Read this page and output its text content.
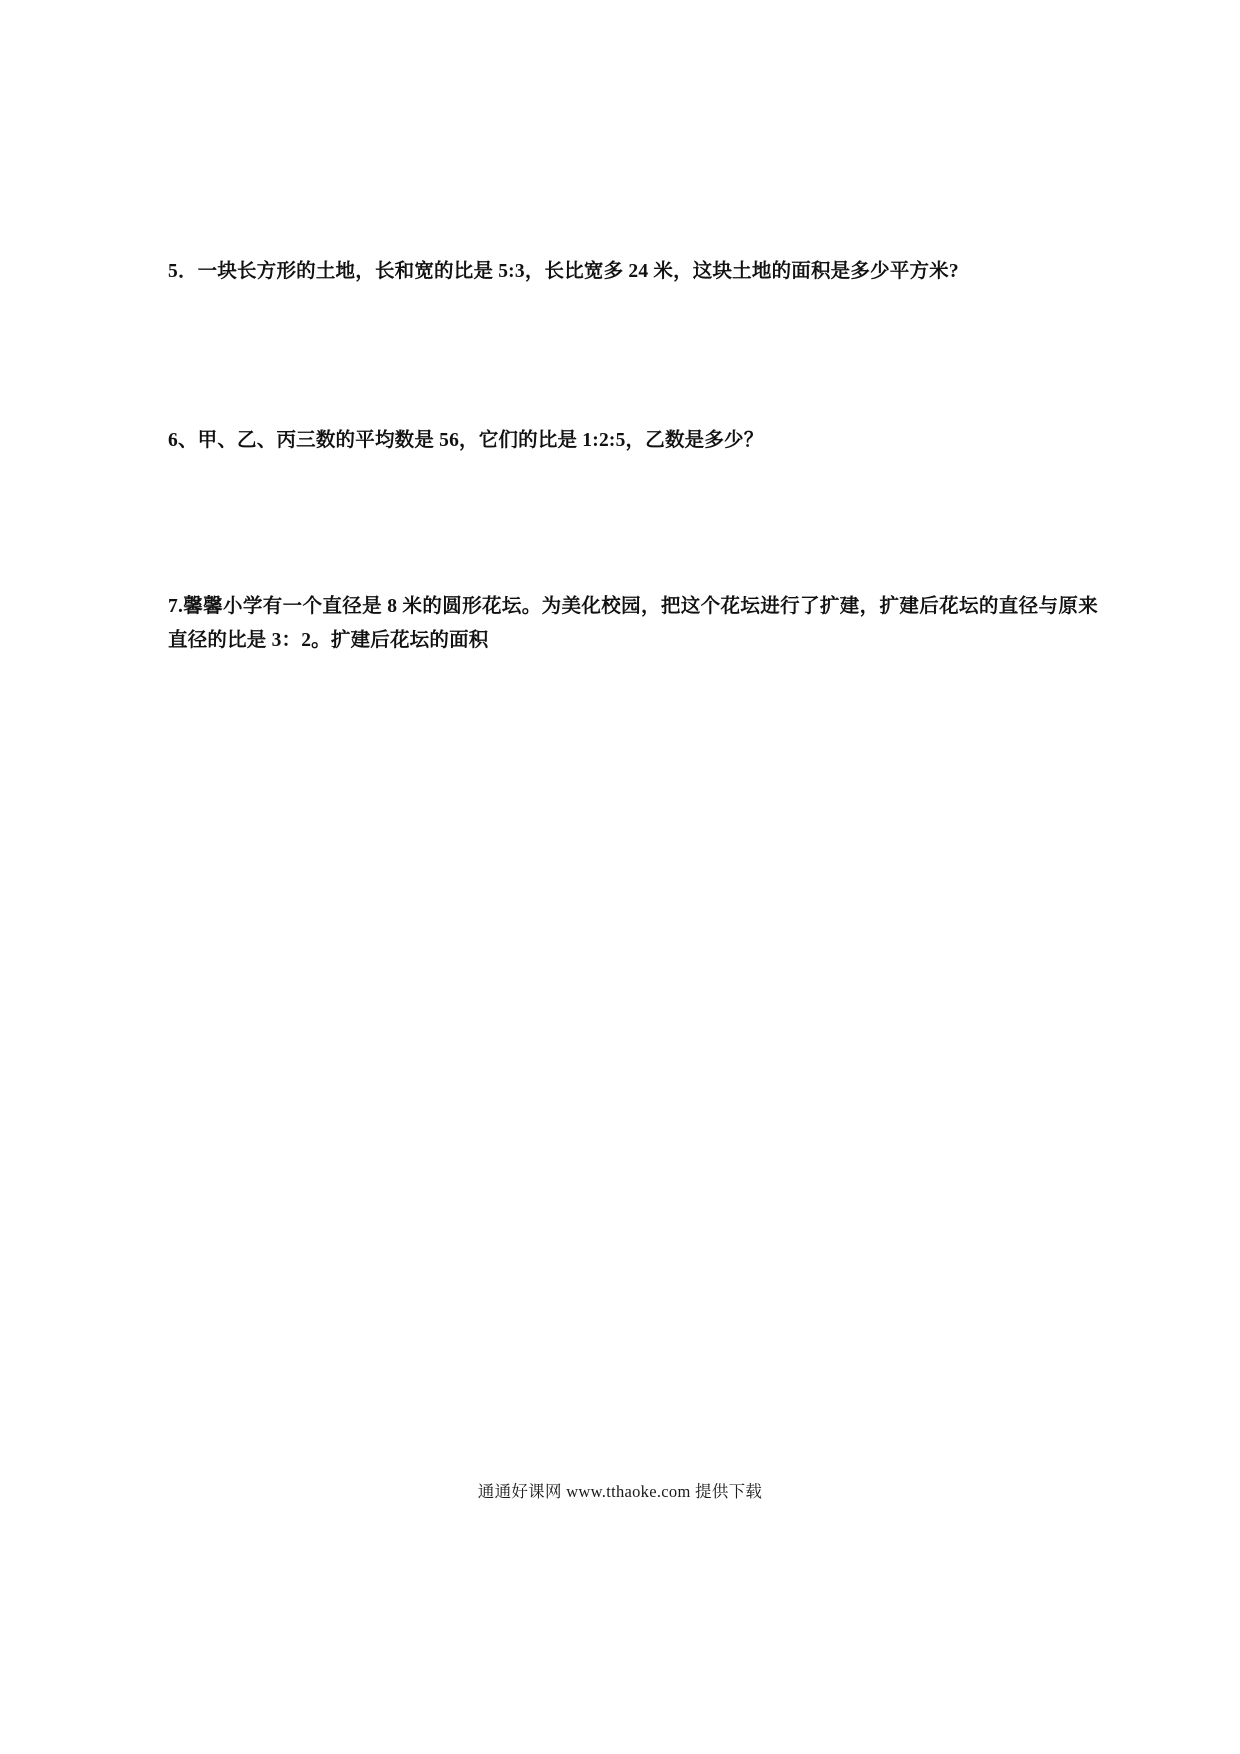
5．一块长方形的土地，长和宽的比是 5:3，长比宽多 24 米，这块土地的面积是多少平方米?

6、甲、乙、丙三数的平均数是 56，它们的比是 1:2:5，乙数是多少？

7.馨馨小学有一个直径是 8 米的圆形花坛。为美化校园，把这个花坛进行了扩建，扩建后花坛的直径与原来直径的比是 3：2。扩建后花坛的面积

通通好课网 www.tthaoke.com 提供下载
